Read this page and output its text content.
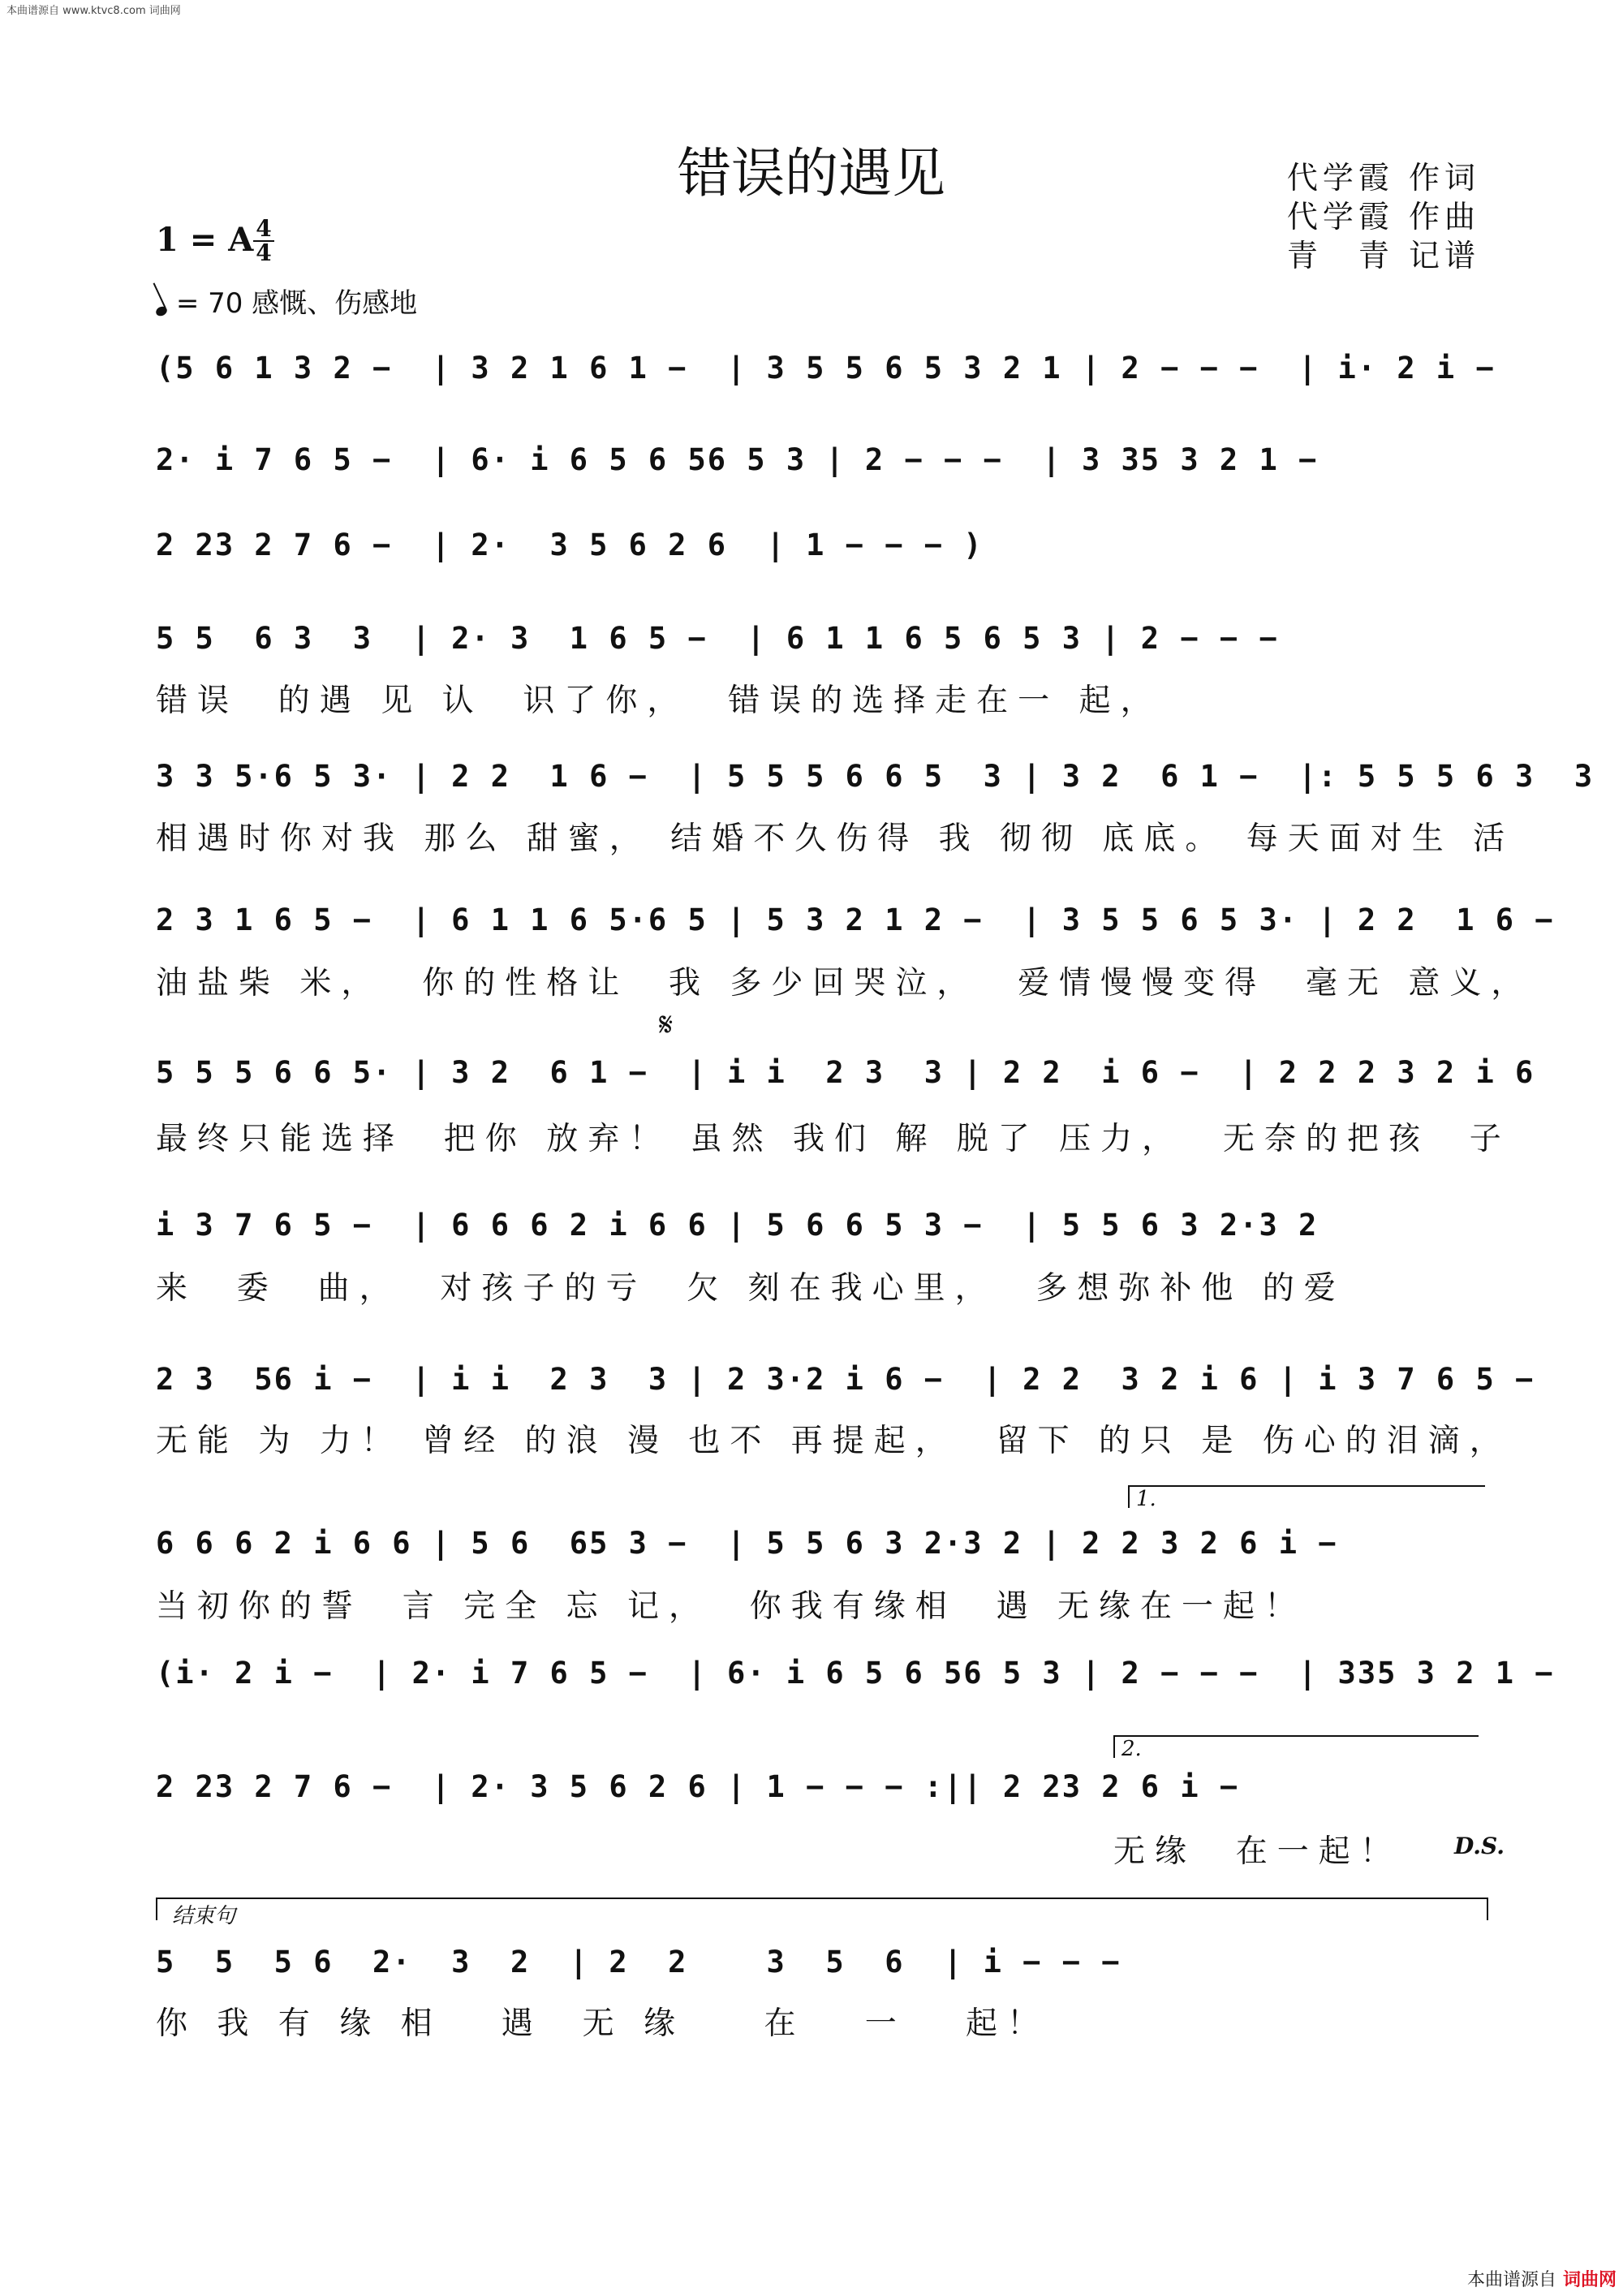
本曲谱源自 www.ktvc8.com 词曲网
错误的遇见	代学霞 作词
代学霞 作曲
青　青 记谱
1 = A 4
4
= 70 感慨、伤感地
(5 6 1 3 2 −  | 3 2 1 6 1 −  | 3 5 5 6 5 3 2 1 | 2 − − −  | i· 2 i −
2· i 7 6 5 −  | 6· i 6 5 6 56 5 3 | 2 − − −  | 3 35 3 2 1 −
2 23 2 7 6 −  | 2·  3 5 6 2 6  | 1 − − − )
5 5  6 3  3  | 2· 3  1 6 5 −  | 6 1 1 6 5 6 5 3 | 2 − − −
错误  的遇 见 认  识了你，  错误的选择走在一 起，
3 3 5·6 5 3· | 2 2  1 6 −  | 5 5 5 6 6 5  3 | 3 2  6 1 −  |: 5 5 5 6 3  3
相遇时你对我 那么 甜蜜， 结婚不久伤得 我 彻彻 底底。 每天面对生 活
2 3 1 6 5 −  | 6 1 1 6 5·6 5 | 5 3 2 1 2 −  | 3 5 5 6 5 3· | 2 2  1 6 −
油盐柴 米，  你的性格让  我 多少回哭泣，  爱情慢慢变得  毫无 意义，
𝄋
5 5 5 6 6 5· | 3 2  6 1 −  | i i  2 3  3 | 2 2  i 6 −  | 2 2 2 3 2 i 6
最终只能选择  把你 放弃！ 虽然 我们 解 脱了 压力，  无奈的把孩  子
i 3 7 6 5 −  | 6 6 6 2 i 6 6 | 5 6 6 5 3 −  | 5 5 6 3 2·3 2
来  委  曲，  对孩子的亏  欠 刻在我心里，  多想弥补他 的爱
2 3  56 i −  | i i  2 3  3 | 2 3·2 i 6 −  | 2 2  3 2 i 6 | i 3 7 6 5 −
无能 为 力！ 曾经 的浪 漫 也不 再提起，  留下 的只 是 伤心的泪滴，
1.
6 6 6 2 i 6 6 | 5 6  65 3 −  | 5 5 6 3 2·3 2 | 2 2 3 2 6 i −
当初你的誓  言 完全 忘 记，  你我有缘相  遇 无缘在一起！
(i· 2 i −  | 2· i 7 6 5 −  | 6· i 6 5 6 56 5 3 | 2 − − −  | 335 3 2 1 −
2.
2 23 2 7 6 −  | 2· 3 5 6 2 6 | 1 − − − :|| 2 23 2 6 i −
无缘  在一起！	D.S.
结束句
5  5  5 6  2·  3  2  | 2  2    3  5  6  | i − − −
你 我 有 缘 相   遇  无 缘    在   一   起！
本曲谱源自 词曲网
